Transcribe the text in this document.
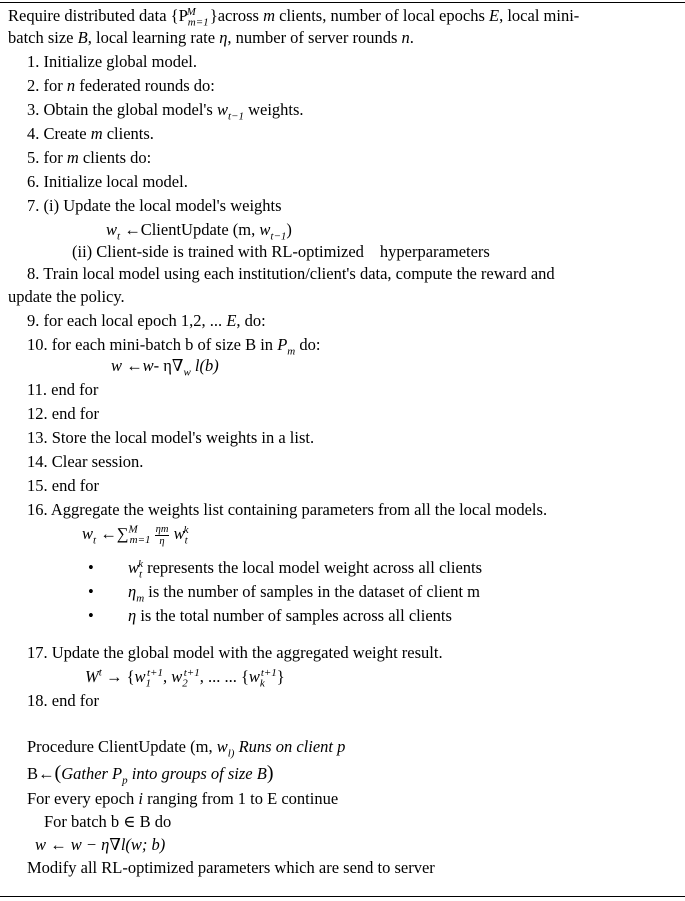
Require distributed data {$P_{m=1}^M$ }across m clients, number of local epochs E, local mini-
batch size B, local learning rate η, number of server rounds n.
1. Initialize global model.
2. for n federated rounds do:
3. Obtain the global model's $w_{t-1}$ weights.
4. Create m clients.
5. for m clients do:
6. Initialize local model.
7. (i) Update the local model's weights
$w_t$ ←ClientUpdate (m, $w_{t-1}$)
(ii) Client-side is trained with RL-optimized hyperparameters
8. Train local model using each institution/client's data, compute the reward and
update the policy.
9. for each local epoch 1,2, ... E, do:
10. for each mini-batch b of size B in $P_m$ do:
w ←w- $\eta\nabla_w$ l(b)
11. end for
12. end for
13. Store the local model's weights in a list.
14. Clear session.
15. end for
16. Aggregate the weights list containing parameters from all the local models.
$w_t$ ←∑$^M_{m=1}$ $\frac{\eta m}{\eta} w_t^k$
• $w_t^k$ represents the local model weight across all clients
• $\eta_m$ is the number of samples in the dataset of client m
• η is the total number of samples across all clients
17. Update the global model with the aggregated weight result.
$W^t \to \{w_1^{t+1}$, $w_2^{t+1}$, ... ... $\{w_k^{t+1}\}$
18. end for
Procedure ClientUpdate (m, $w_{l)}$ Runs on client p
B←(Gather $P_p$ into groups of size B)
For every epoch i ranging from 1 to E continue
For batch b ∈ B do
w ← w − η∇l(w; b)
Modify all RL-optimized parameters which are send to server
